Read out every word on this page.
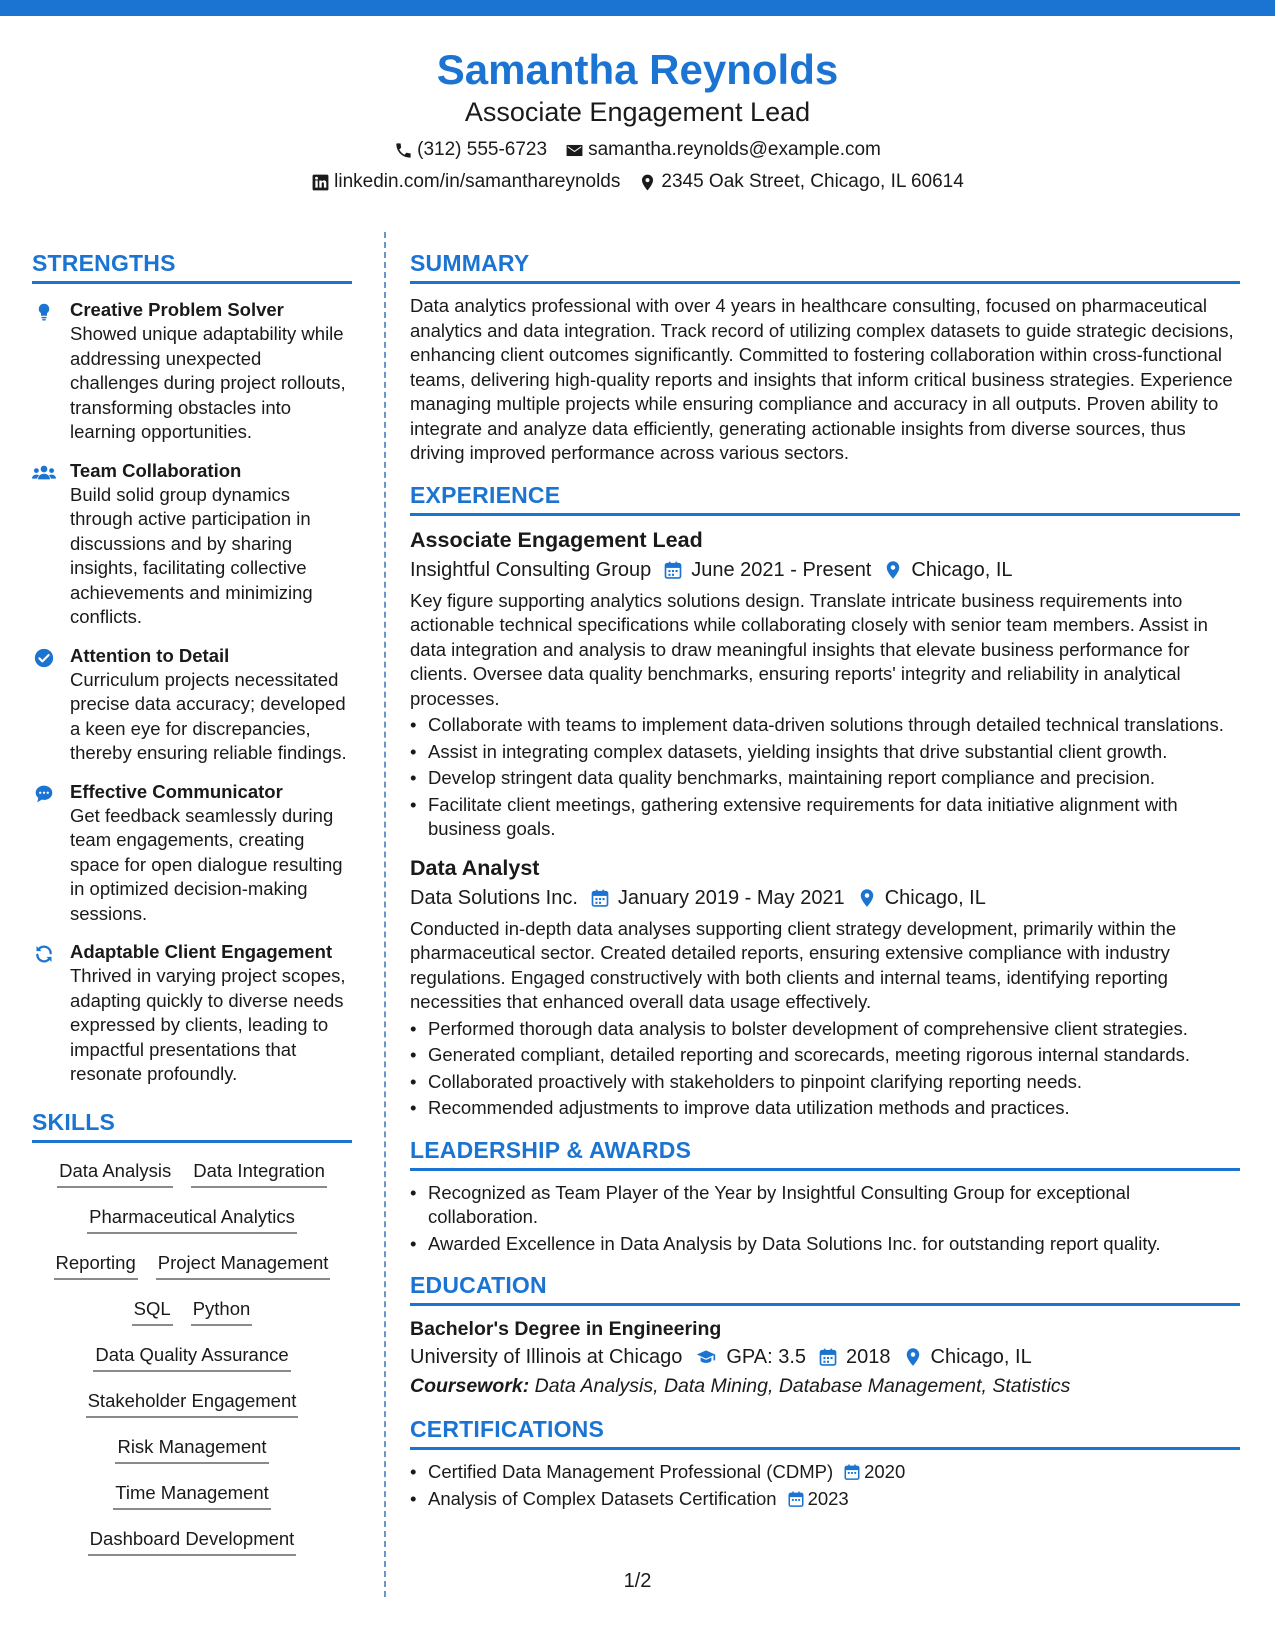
Samantha Reynolds
Associate Engagement Lead
(312) 555-6723 samantha.reynolds@example.com
linkedin.com/in/samanthareynolds 2345 Oak Street, Chicago, IL 60614
STRENGTHS
Creative Problem Solver
Showed unique adaptability while addressing unexpected challenges during project rollouts, transforming obstacles into learning opportunities.
Team Collaboration
Build solid group dynamics through active participation in discussions and by sharing insights, facilitating collective achievements and minimizing conflicts.
Attention to Detail
Curriculum projects necessitated precise data accuracy; developed a keen eye for discrepancies, thereby ensuring reliable findings.
Effective Communicator
Get feedback seamlessly during team engagements, creating space for open dialogue resulting in optimized decision-making sessions.
Adaptable Client Engagement
Thrived in varying project scopes, adapting quickly to diverse needs expressed by clients, leading to impactful presentations that resonate profoundly.
SKILLS
Data Analysis Data Integration
Pharmaceutical Analytics
Reporting Project Management
SQL Python
Data Quality Assurance
Stakeholder Engagement
Risk Management
Time Management
Dashboard Development
SUMMARY
Data analytics professional with over 4 years in healthcare consulting, focused on pharmaceutical analytics and data integration. Track record of utilizing complex datasets to guide strategic decisions, enhancing client outcomes significantly. Committed to fostering collaboration within cross-functional teams, delivering high-quality reports and insights that inform critical business strategies. Experience managing multiple projects while ensuring compliance and accuracy in all outputs. Proven ability to integrate and analyze data efficiently, generating actionable insights from diverse sources, thus driving improved performance across various sectors.
EXPERIENCE
Associate Engagement Lead
Insightful Consulting Group June 2021 - Present Chicago, IL
Key figure supporting analytics solutions design. Translate intricate business requirements into actionable technical specifications while collaborating closely with senior team members. Assist in data integration and analysis to draw meaningful insights that elevate business performance for clients. Oversee data quality benchmarks, ensuring reports' integrity and reliability in analytical processes.
• Collaborate with teams to implement data-driven solutions through detailed technical translations.
• Assist in integrating complex datasets, yielding insights that drive substantial client growth.
• Develop stringent data quality benchmarks, maintaining report compliance and precision.
• Facilitate client meetings, gathering extensive requirements for data initiative alignment with business goals.
Data Analyst
Data Solutions Inc. January 2019 - May 2021 Chicago, IL
Conducted in-depth data analyses supporting client strategy development, primarily within the pharmaceutical sector. Created detailed reports, ensuring extensive compliance with industry regulations. Engaged constructively with both clients and internal teams, identifying reporting necessities that enhanced overall data usage effectively.
• Performed thorough data analysis to bolster development of comprehensive client strategies.
• Generated compliant, detailed reporting and scorecards, meeting rigorous internal standards.
• Collaborated proactively with stakeholders to pinpoint clarifying reporting needs.
• Recommended adjustments to improve data utilization methods and practices.
LEADERSHIP & AWARDS
• Recognized as Team Player of the Year by Insightful Consulting Group for exceptional collaboration.
• Awarded Excellence in Data Analysis by Data Solutions Inc. for outstanding report quality.
EDUCATION
Bachelor's Degree in Engineering
University of Illinois at Chicago GPA: 3.5 2018 Chicago, IL
Coursework: Data Analysis, Data Mining, Database Management, Statistics
CERTIFICATIONS
• Certified Data Management Professional (CDMP) 2020
• Analysis of Complex Datasets Certification 2023
1/2
